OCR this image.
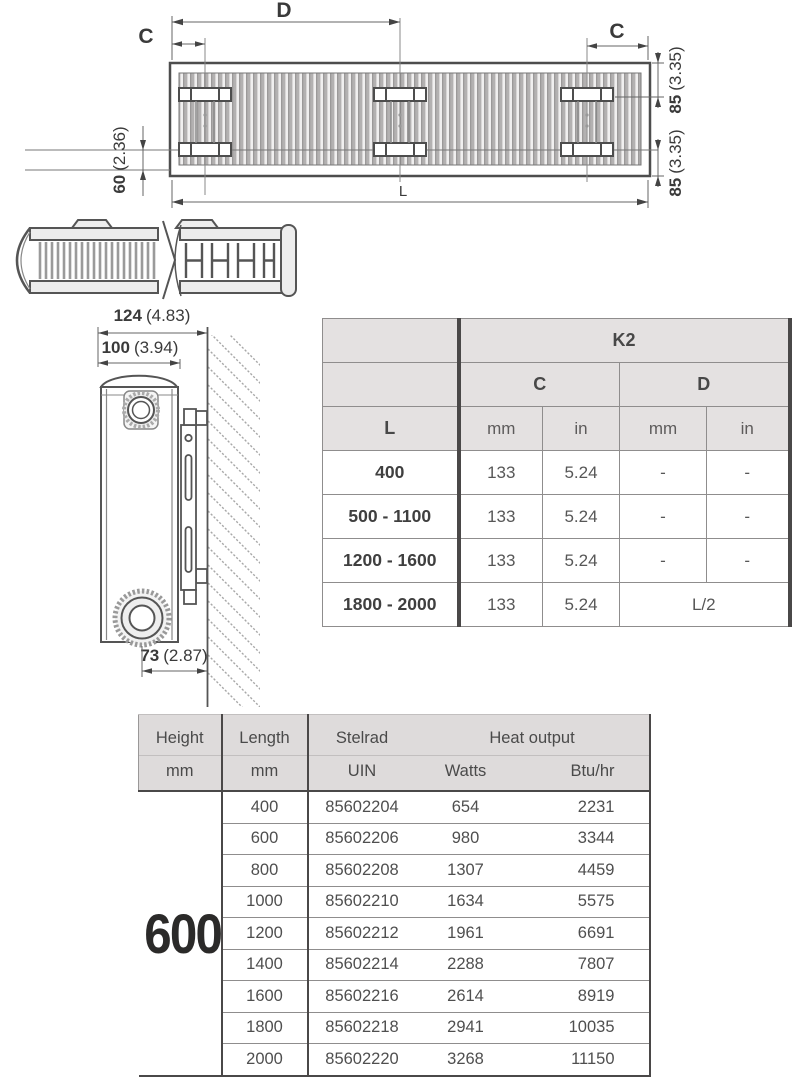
D
C	C
L
85(3.35)
85(3.35)
60(2.36)
124 (4.83)
100 (3.94)
73 (2.87)
	K2			
	C		D	
L	mm	in	mm	in
400	133	5.24	-	-
500 - 1100	133	5.24	-	-
1200 - 1600	133	5.24	-	-
1800 - 2000	133	5.24	L/2	
Height	Length	Stelrad	Heat output	
mm	mm	UIN	Watts	Btu/hr
600	400	85602204	654	2231
	600	85602206	980	3344
	800	85602208	1307	4459
	1000	85602210	1634	5575
	1200	85602212	1961	6691
	1400	85602214	2288	7807
	1600	85602216	2614	8919
	1800	85602218	2941	10035
	2000	85602220	3268	11150
